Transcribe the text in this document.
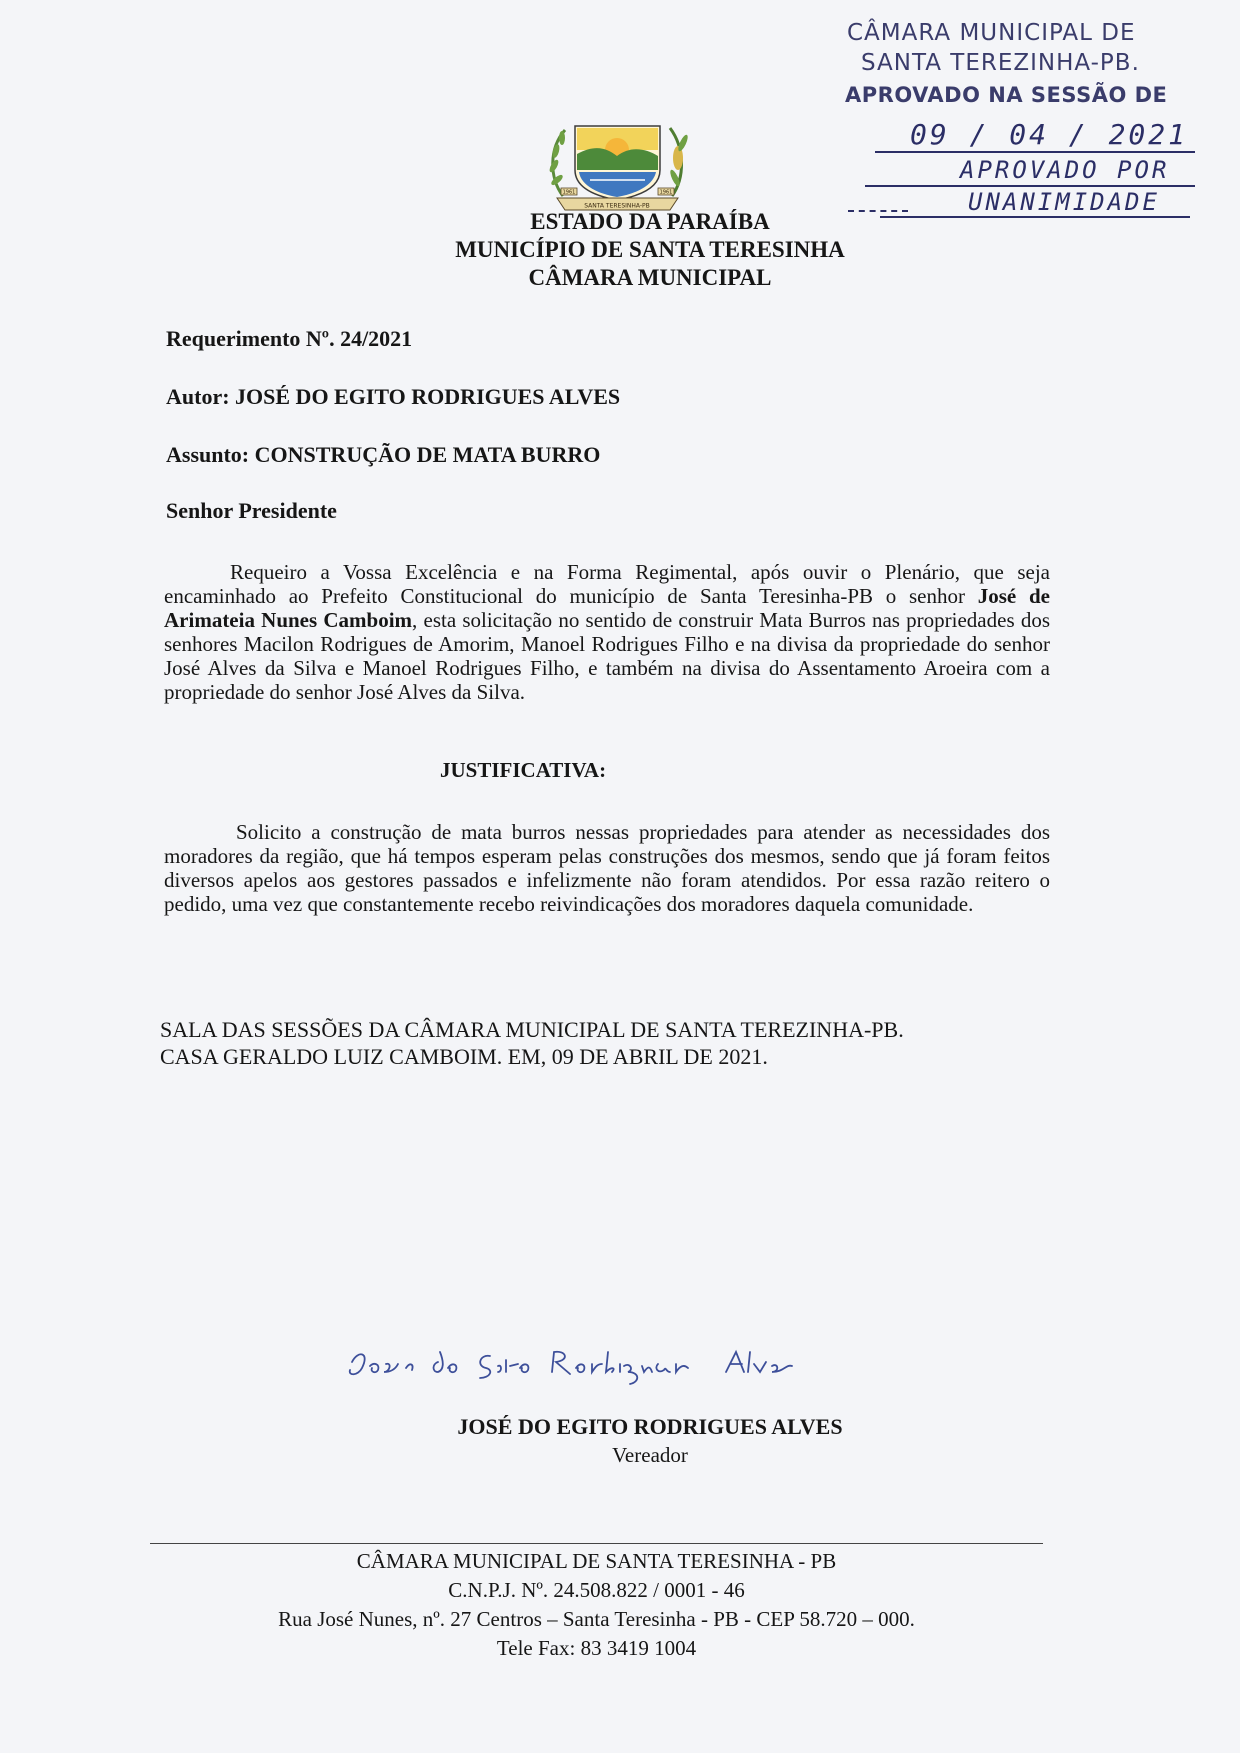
CÂMARA MUNICIPAL DE
SANTA TEREZINHA-PB.
APROVADO NA SESSÃO DE
09 / 04 / 2021
APROVADO POR
UNANIMIDADE
SANTA TERESINHA-PB
1961	1961
ESTADO DA PARAÍBA
MUNICÍPIO DE SANTA TERESINHA
CÂMARA MUNICIPAL
Requerimento Nº. 24/2021
Autor: JOSÉ DO EGITO RODRIGUES ALVES
Assunto: CONSTRUÇÃO DE MATA BURRO
Senhor Presidente
Requeiro a Vossa Excelência e na Forma Regimental, após ouvir o Plenário, que seja encaminhado ao Prefeito Constitucional do município de Santa Teresinha-PB o senhor José de Arimateia Nunes Camboim, esta solicitação no sentido de construir Mata Burros nas propriedades dos senhores Macilon Rodrigues de Amorim, Manoel Rodrigues Filho e na divisa da propriedade do senhor José Alves da Silva e Manoel Rodrigues Filho, e também na divisa do Assentamento Aroeira com a propriedade do senhor José Alves da Silva.
JUSTIFICATIVA:
Solicito a construção de mata burros nessas propriedades para atender as necessidades dos moradores da região, que há tempos esperam pelas construções dos mesmos, sendo que já foram feitos diversos apelos aos gestores passados e infelizmente não foram atendidos. Por essa razão reitero o pedido, uma vez que constantemente recebo reivindicações dos moradores daquela comunidade.
SALA DAS SESSÕES DA CÂMARA MUNICIPAL DE SANTA TEREZINHA-PB.
CASA GERALDO LUIZ CAMBOIM. EM, 09 DE ABRIL DE 2021.
JOSÉ DO EGITO RODRIGUES ALVES
Vereador
CÂMARA MUNICIPAL DE SANTA TERESINHA - PB
C.N.P.J. Nº. 24.508.822 / 0001 - 46
Rua José Nunes, nº. 27 Centros – Santa Teresinha - PB - CEP 58.720 – 000.
Tele Fax: 83 3419 1004
